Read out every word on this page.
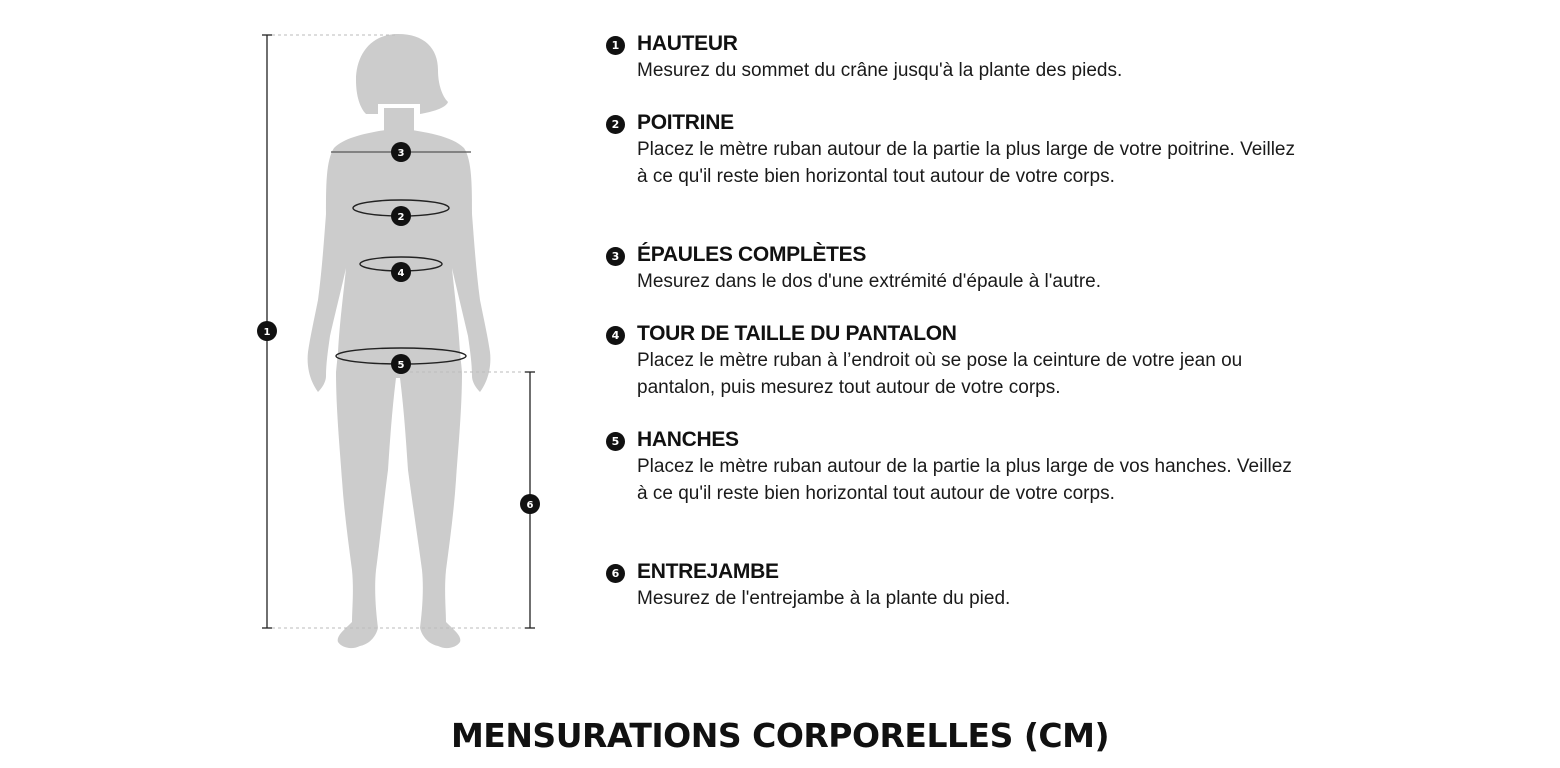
1
2
3
4
5
6
1 HAUTEUR
Mesurez du sommet du crâne jusqu'à la plante des pieds.
2 POITRINE
Placez le mètre ruban autour de la partie la plus large de votre poitrine. Veillez à ce qu'il reste bien horizontal tout autour de votre corps.
3 ÉPAULES COMPLÈTES
Mesurez dans le dos d'une extrémité d'épaule à l'autre.
4 TOUR DE TAILLE DU PANTALON
Placez le mètre ruban à l’endroit où se pose la ceinture de votre jean ou pantalon, puis mesurez tout autour de votre corps.
5 HANCHES
Placez le mètre ruban autour de la partie la plus large de vos hanches. Veillez à ce qu'il reste bien horizontal tout autour de votre corps.
6 ENTREJAMBE
Mesurez de l'entrejambe à la plante du pied.
MENSURATIONS CORPORELLES (CM)
